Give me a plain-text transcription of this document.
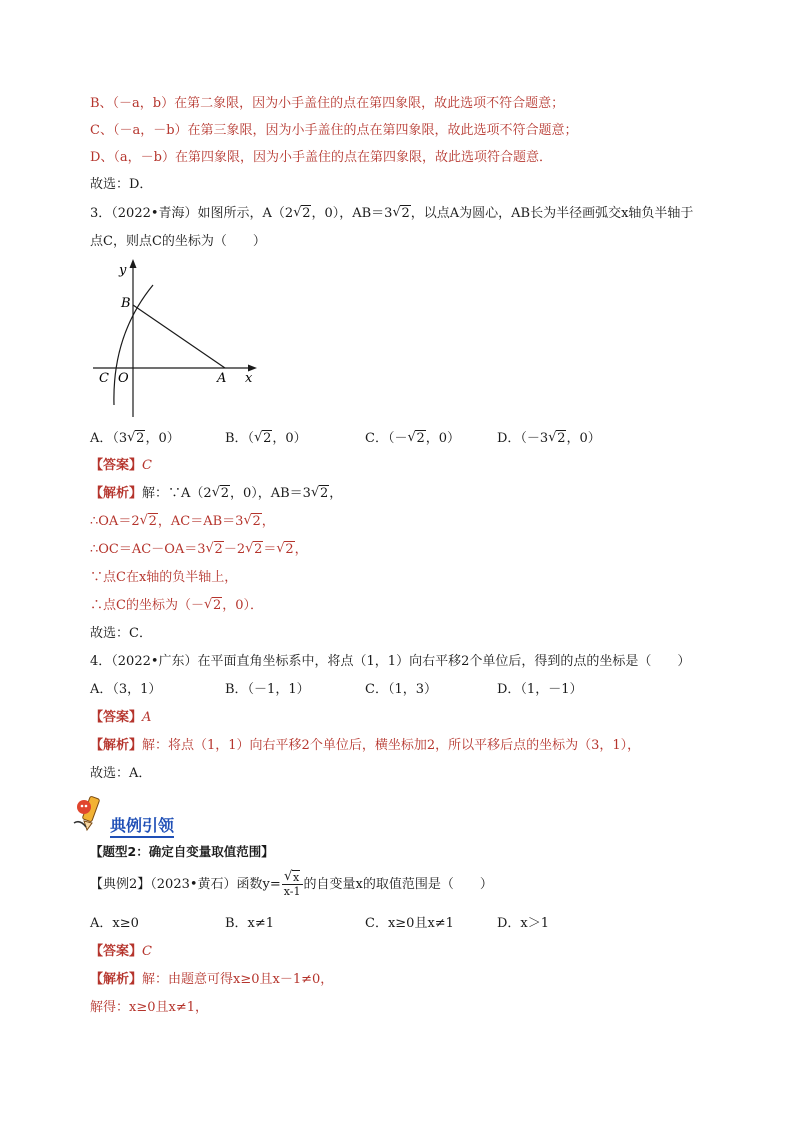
B、（－a，b）在第二象限，因为小手盖住的点在第四象限，故此选项不符合题意；
C、（－a，－b）在第三象限，因为小手盖住的点在第四象限，故此选项不符合题意；
D、（a，－b）在第四象限，因为小手盖住的点在第四象限，故此选项符合题意．
故选：D．
3．（2022•青海）如图所示，A（2 √ 2，0），AB＝3 √ 2，以点A为圆心，AB长为半径画弧交x轴负半轴于
点C，则点C的坐标为（　　）
y
x
B
C O	A
A．（3 √ 2，0）	B．（ √ 2，0）	C．（－ √ 2，0）	D．（－3 √ 2，0）
【答案】C
【解析】解：∵A（2 √ 2，0），AB＝3 √ 2，
∴OA＝2 √ 2，AC＝AB＝3 √ 2，
∴OC＝AC－OA＝3 √ 2－2 √ 2＝ √ 2，
∵点C在x轴的负半轴上，
∴点C的坐标为（－ √ 2，0）．
故选：C．
4．（2022•广东）在平面直角坐标系中，将点（1，1）向右平移2个单位后，得到的点的坐标是（　　）
A．（3，1）	B．（－1，1）	C．（1，3）	D．（1，－1）
【答案】A
【解析】解：将点（1，1）向右平移2个单位后，横坐标加2，所以平移后点的坐标为（3，1），
故选：A．
典例引领
【题型2：确定自变量取值范围】
【典例2】（2023•黄石）函数y= √ $\frac{x}{x-1}$ 的自变量x的取值范围是（　　）
A．x≥0	B．x≠1	C．x≥0且x≠1	D．x＞1
【答案】C
【解析】解：由题意可得x≥0且x－1≠0，
解得：x≥0且x≠1，
